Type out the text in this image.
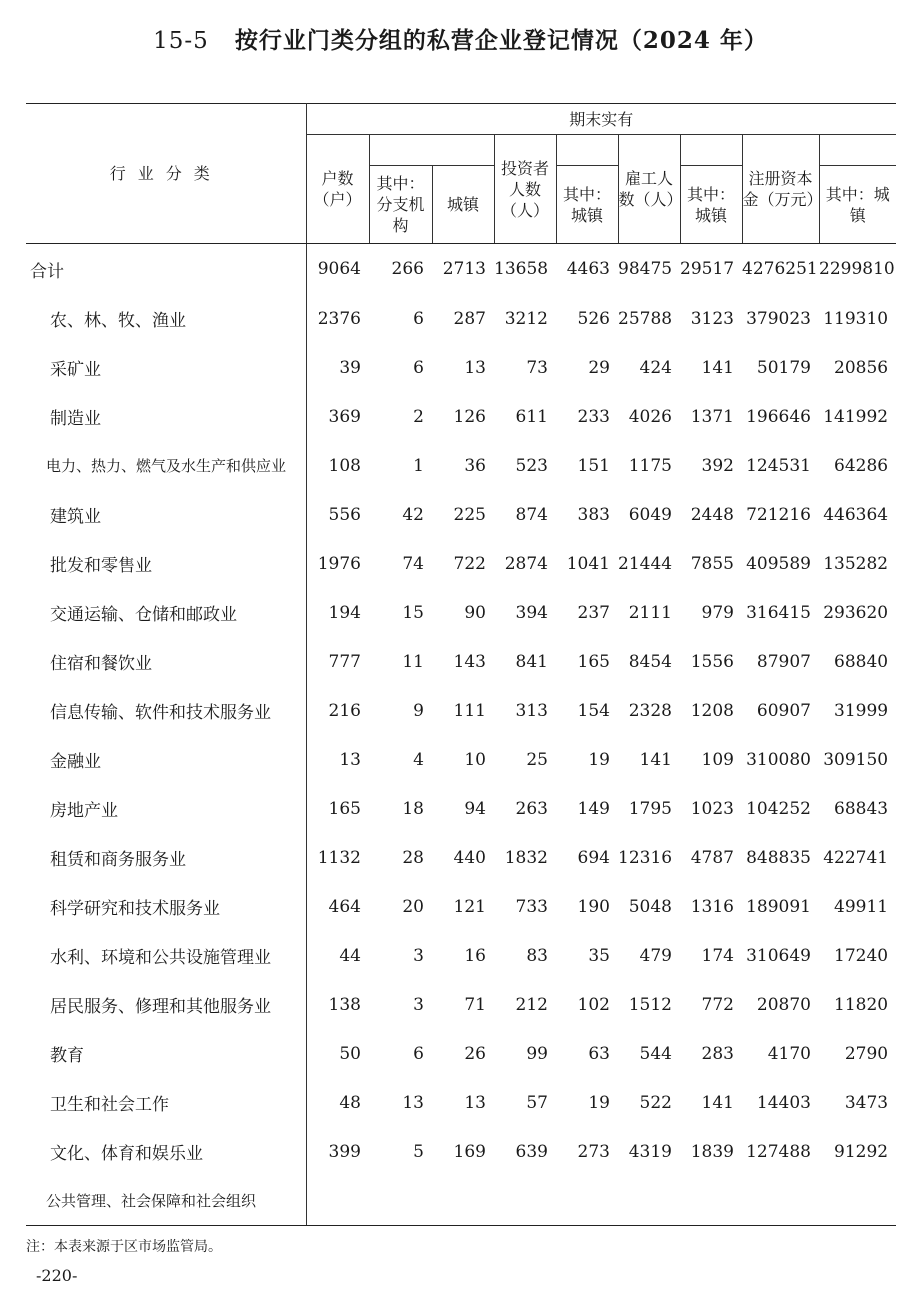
15-5 按行业门类分组的私营企业登记情况（2024 年）
行业分类	期末实有								
	户数（户）			投资者人数（人）		雇工人数（人）		注册资本金（万元）	
		其中：分支机构	城镇		其中：城镇		其中：城镇		其中：城镇
合计	9064	266	2713	13658	4463	98475	29517	4276251	2299810
农、林、牧、渔业	2376	6	287	3212	526	25788	3123	379023	119310
采矿业	39	6	13	73	29	424	141	50179	20856
制造业	369	2	126	611	233	4026	1371	196646	141992
电力、热力、燃气及水生产和供应业	108	1	36	523	151	1175	392	124531	64286
建筑业	556	42	225	874	383	6049	2448	721216	446364
批发和零售业	1976	74	722	2874	1041	21444	7855	409589	135282
交通运输、仓储和邮政业	194	15	90	394	237	2111	979	316415	293620
住宿和餐饮业	777	11	143	841	165	8454	1556	87907	68840
信息传输、软件和技术服务业	216	9	111	313	154	2328	1208	60907	31999
金融业	13	4	10	25	19	141	109	310080	309150
房地产业	165	18	94	263	149	1795	1023	104252	68843
租赁和商务服务业	1132	28	440	1832	694	12316	4787	848835	422741
科学研究和技术服务业	464	20	121	733	190	5048	1316	189091	49911
水利、环境和公共设施管理业	44	3	16	83	35	479	174	310649	17240
居民服务、修理和其他服务业	138	3	71	212	102	1512	772	20870	11820
教育	50	6	26	99	63	544	283	4170	2790
卫生和社会工作	48	13	13	57	19	522	141	14403	3473
文化、体育和娱乐业	399	5	169	639	273	4319	1839	127488	91292
公共管理、社会保障和社会组织									
注：本表来源于区市场监管局。
-220-
